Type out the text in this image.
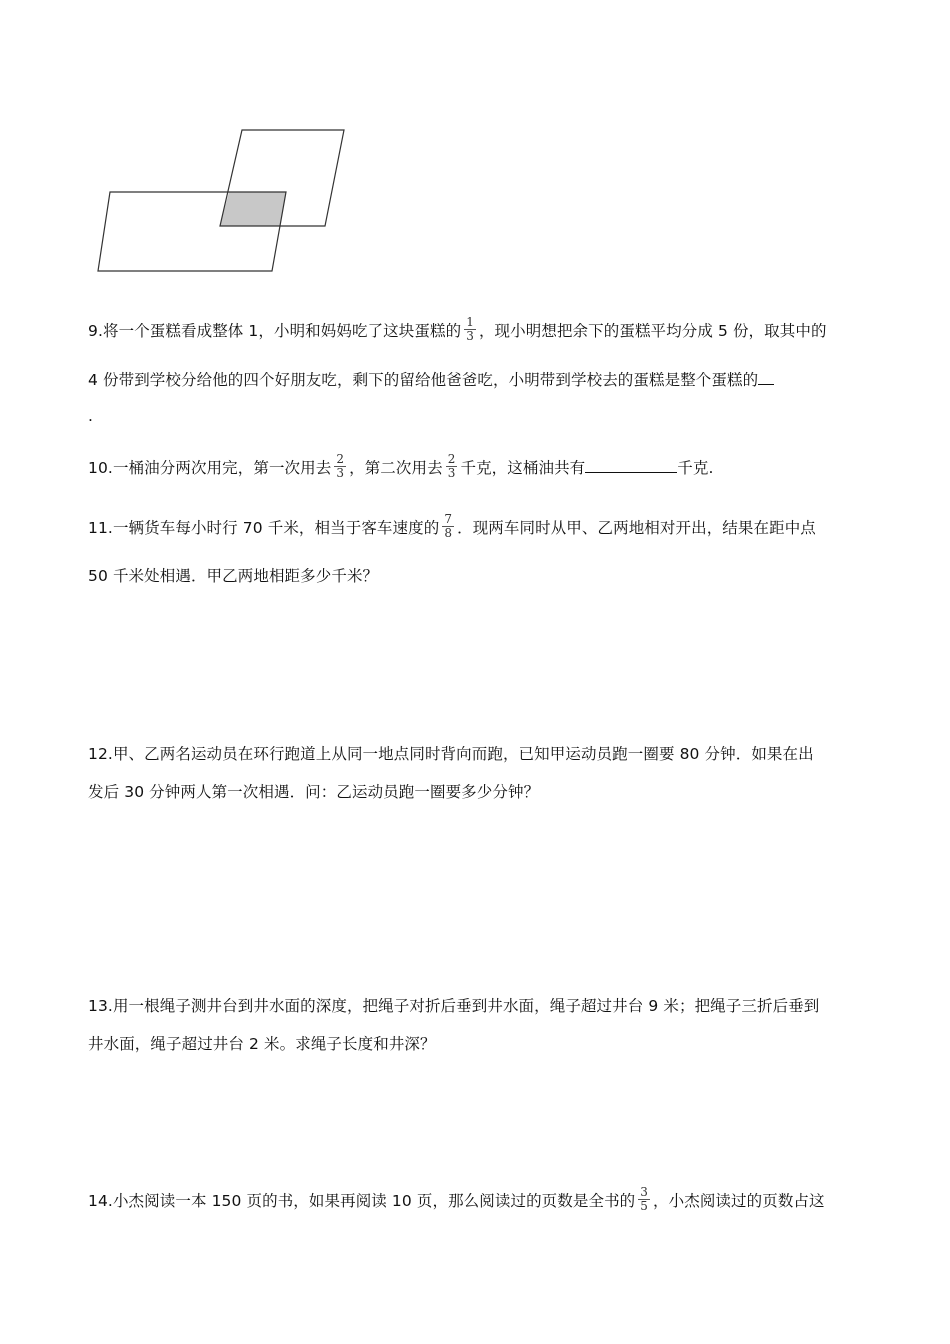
9.将一个蛋糕看成整体 1，小明和妈妈吃了这块蛋糕的 $\frac{1}{3}$ ，现小明想把余下的蛋糕平均分成 5 份，取其中的
4 份带到学校分给他的四个好朋友吃，剩下的留给他爸爸吃，小明带到学校去的蛋糕是整个蛋糕的
.
10.一桶油分两次用完，第一次用去 $\frac{2}{3}$ ，第二次用去 $\frac{2}{3}$ 千克，这桶油共有	千克.
11.一辆货车每小时行 70 千米，相当于客车速度的 $\frac{7}{8}$ ．现两车同时从甲、乙两地相对开出，结果在距中点
50 千米处相遇．甲乙两地相距多少千米？
12.甲、乙两名运动员在环行跑道上从同一地点同时背向而跑，已知甲运动员跑一圈要 80 分钟．如果在出
发后 30 分钟两人第一次相遇．问：乙运动员跑一圈要多少分钟？
13.用一根绳子测井台到井水面的深度，把绳子对折后垂到井水面，绳子超过井台 9 米；把绳子三折后垂到
井水面，绳子超过井台 2 米。求绳子长度和井深？
14.小杰阅读一本 150 页的书，如果再阅读 10 页，那么阅读过的页数是全书的 $\frac{3}{5}$ ，小杰阅读过的页数占这
